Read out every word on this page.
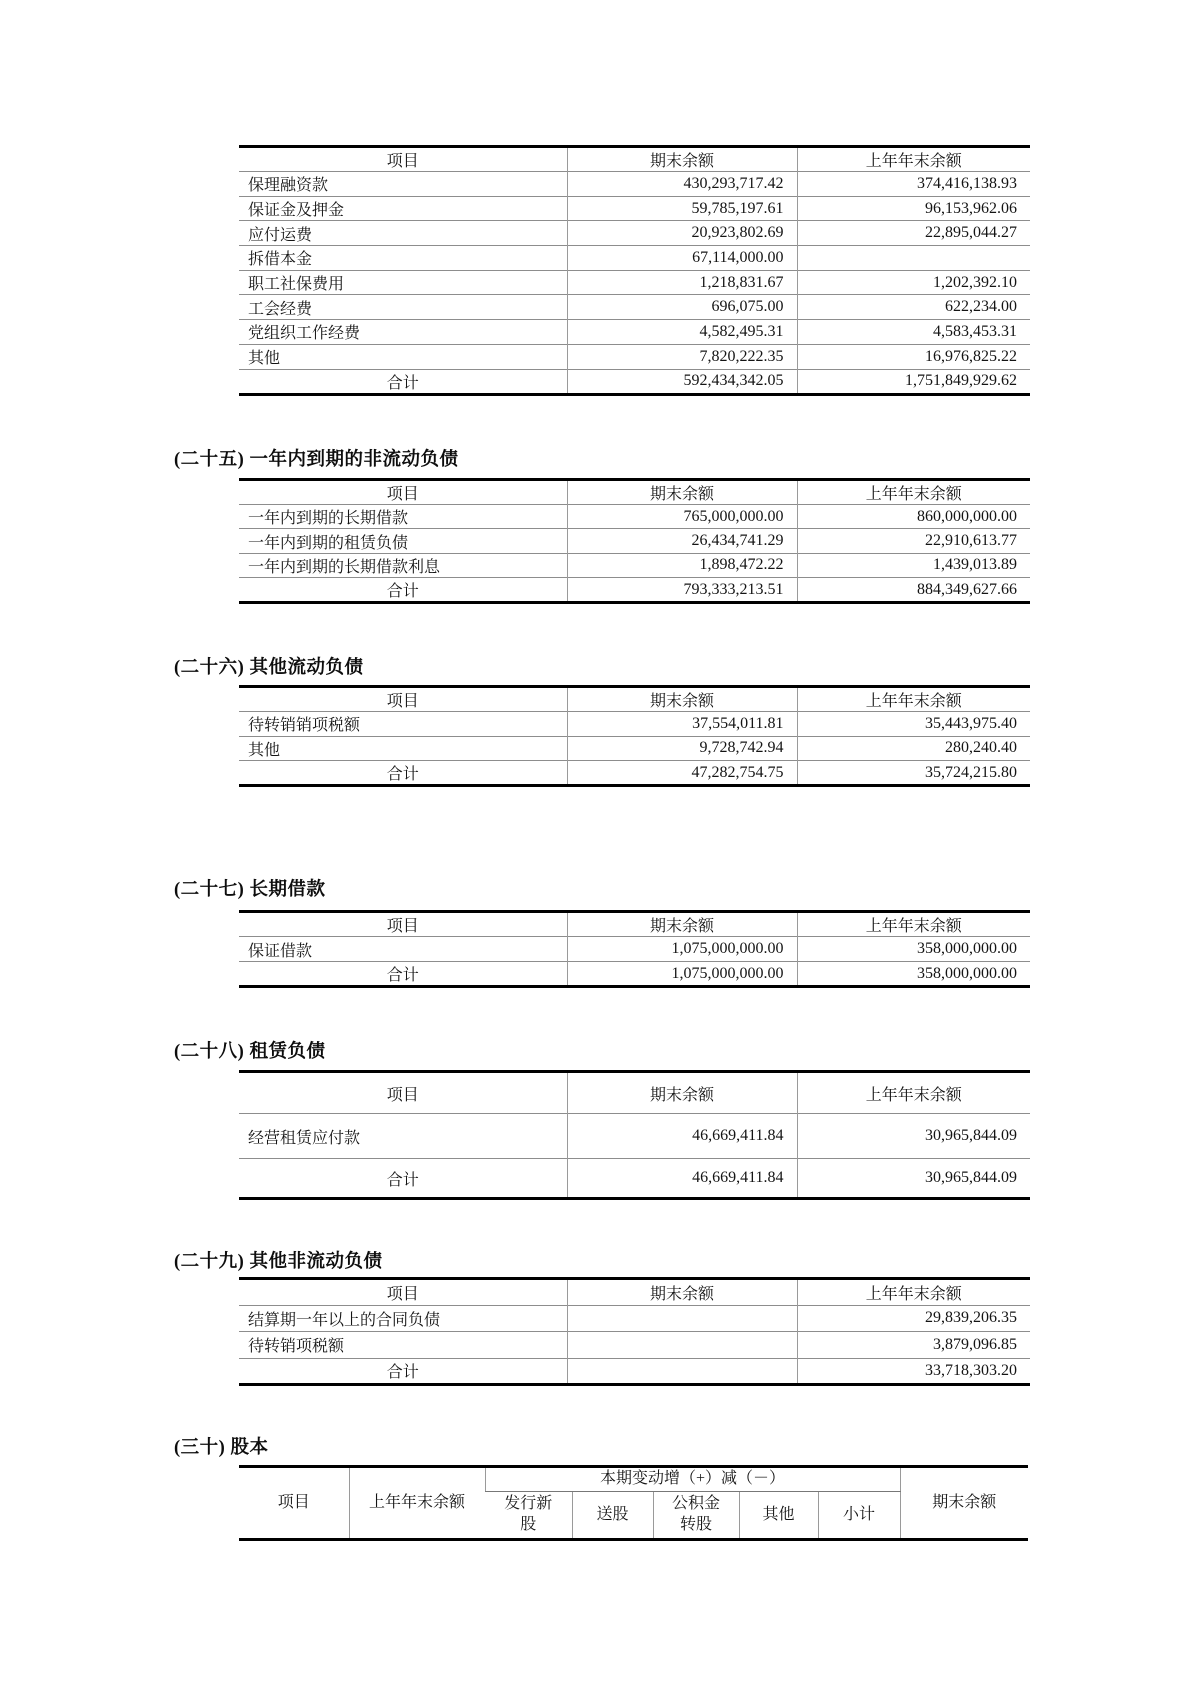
项目	期末余额	上年年末余额
保理融资款	430,293,717.42	374,416,138.93
保证金及押金	59,785,197.61	96,153,962.06
应付运费	20,923,802.69	22,895,044.27
拆借本金	67,114,000.00	
职工社保费用	1,218,831.67	1,202,392.10
工会经费	696,075.00	622,234.00
党组织工作经费	4,582,495.31	4,583,453.31
其他	7,820,222.35	16,976,825.22
合计	592,434,342.05	1,751,849,929.62
(二十五) 一年内到期的非流动负债
项目	期末余额	上年年末余额
一年内到期的长期借款	765,000,000.00	860,000,000.00
一年内到期的租赁负债	26,434,741.29	22,910,613.77
一年内到期的长期借款利息	1,898,472.22	1,439,013.89
合计	793,333,213.51	884,349,627.66
(二十六) 其他流动负债
项目	期末余额	上年年末余额
待转销销项税额	37,554,011.81	35,443,975.40
其他	9,728,742.94	280,240.40
合计	47,282,754.75	35,724,215.80
(二十七) 长期借款
项目	期末余额	上年年末余额
保证借款	1,075,000,000.00	358,000,000.00
合计	1,075,000,000.00	358,000,000.00
(二十八) 租赁负债
项目	期末余额	上年年末余额
经营租赁应付款	46,669,411.84	30,965,844.09
合计	46,669,411.84	30,965,844.09
(二十九) 其他非流动负债
项目	期末余额	上年年末余额
结算期一年以上的合同负债		29,839,206.35
待转销项税额		3,879,096.85
合计		33,718,303.20
(三十) 股本
项目	上年年末余额	本期变动增（+）减（－）					期末余额
		发行新股	送股	公积金转股	其他	小计	
